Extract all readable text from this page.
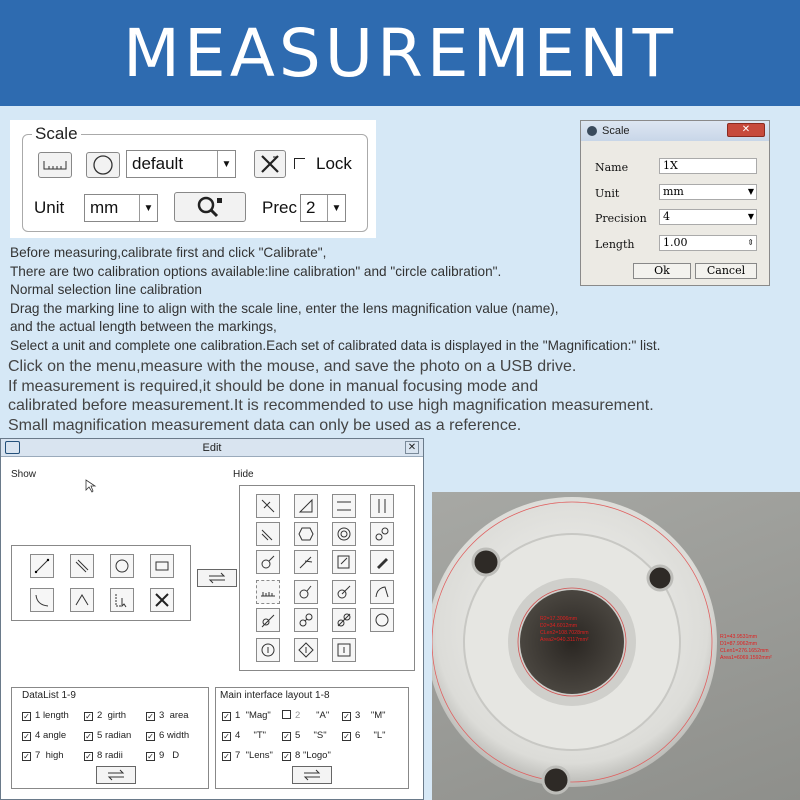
MEASUREMENT
Scale
default	▼	Lock
Unit mm	▼	Prec 2	▼
Scale	✕
Name	1X
Unit	mm	▼
Precision	4	▼
Length	1.00	⇕
Ok	Cancel
Before measuring,calibrate first and click "Calibrate",
There are two calibration options available:line calibration" and "circle calibration".
Normal selection line calibration
Drag the marking line to align with the scale line, enter the lens magnification value (name),
and the actual length between the markings,
Select a unit and complete one calibration.Each set of calibrated data is displayed in the "Magnification:" list.
Click on the menu,measure with the mouse, and save the photo on a USB drive.
If measurement is required,it should be done in manual focusing mode and
calibrated before measurement.It is recommended to use high magnification measurement.
Small magnification measurement data can only be used as a reference.
Edit	✕
Show	Hide
DataList 1-9
✓ 1 length ✓ 2 girth	✓ 3 area
✓ 4 angle ✓ 5 radian ✓ 6 width
✓ 7 high	✓ 8 radii	✓ 9 D
Main interface layout 1-8
✓ 1 "Mag"	2 "A" ✓ 3 "M"
✓ 4 "T" ✓ 5 "S" ✓ 6 "L"
✓ 7 "Lens" ✓ 8 "Logo"
R2=17.3006mm
D2=34.6012mm
CLen2=108.7028mm
Area2=940.3117mm²	R1=43.9531mm
D1=87.9062mm
CLen1=276.1652mm
Area1=6069.1592mm²
